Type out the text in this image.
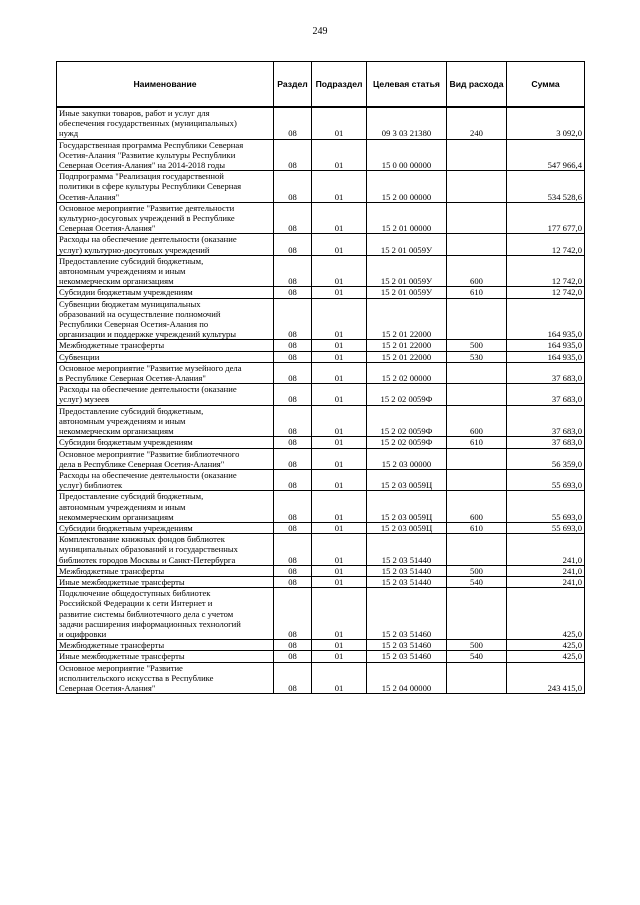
249
Наименование	Раздел	Подраздел	Целевая статья	Вид расхода	Сумма
Иные закупки товаров, работ и услуг для
обеспечения государственных (муниципальных)
нужд	08	01	09 3 03 21380	240	3 092,0
Государственная программа Республики Северная
Осетия-Алания "Развитие культуры Республики
Северная Осетия-Алания" на 2014-2018 годы	08	01	15 0 00 00000		547 966,4
Подпрограмма "Реализация государственной
политики в сфере культуры Республики Северная
Осетия-Алания"	08	01	15 2 00 00000		534 528,6
Основное мероприятие "Развитие деятельности
культурно-досуговых учреждений в Республике
Северная Осетия-Алания"	08	01	15 2 01 00000		177 677,0
Расходы на обеспечение деятельности (оказание
услуг) культурно-досуговых учреждений	08	01	15 2 01 0059У		12 742,0
Предоставление субсидий бюджетным,
автономным учреждениям и иным
некоммерческим организациям	08	01	15 2 01 0059У	600	12 742,0
Субсидии бюджетным учреждениям	08	01	15 2 01 0059У	610	12 742,0
Субвенции бюджетам муниципальных
образований на осуществление полномочий
Республики Северная Осетия-Алания по
организации и поддержке учреждений культуры	08	01	15 2 01 22000		164 935,0
Межбюджетные трансферты	08	01	15 2 01 22000	500	164 935,0
Субвенции	08	01	15 2 01 22000	530	164 935,0
Основное мероприятие "Развитие музейного дела
в Республике Северная Осетия-Алания"	08	01	15 2 02 00000		37 683,0
Расходы на обеспечение деятельности (оказание
услуг) музеев	08	01	15 2 02 0059Ф		37 683,0
Предоставление субсидий бюджетным,
автономным учреждениям и иным
некоммерческим организациям	08	01	15 2 02 0059Ф	600	37 683,0
Субсидии бюджетным учреждениям	08	01	15 2 02 0059Ф	610	37 683,0
Основное мероприятие "Развитие библиотечного
дела в Республике Северная Осетия-Алания"	08	01	15 2 03 00000		56 359,0
Расходы на обеспечение деятельности (оказание
услуг) библиотек	08	01	15 2 03 0059Ц		55 693,0
Предоставление субсидий бюджетным,
автономным учреждениям и иным
некоммерческим организациям	08	01	15 2 03 0059Ц	600	55 693,0
Субсидии бюджетным учреждениям	08	01	15 2 03 0059Ц	610	55 693,0
Комплектование книжных фондов библиотек
муниципальных образований и государственных
библиотек городов Москвы и Санкт-Петербурга	08	01	15 2 03 51440		241,0
Межбюджетные трансферты	08	01	15 2 03 51440	500	241,0
Иные межбюджетные трансферты	08	01	15 2 03 51440	540	241,0
Подключение общедоступных библиотек
Российской Федерации к сети Интернет и
развитие системы библиотечного дела с учетом
задачи расширения информационных технологий
и оцифровки	08	01	15 2 03 51460		425,0
Межбюджетные трансферты	08	01	15 2 03 51460	500	425,0
Иные межбюджетные трансферты	08	01	15 2 03 51460	540	425,0
Основное мероприятие "Развитие
исполнительского искусства в Республике
Северная Осетия-Алания"	08	01	15 2 04 00000		243 415,0
